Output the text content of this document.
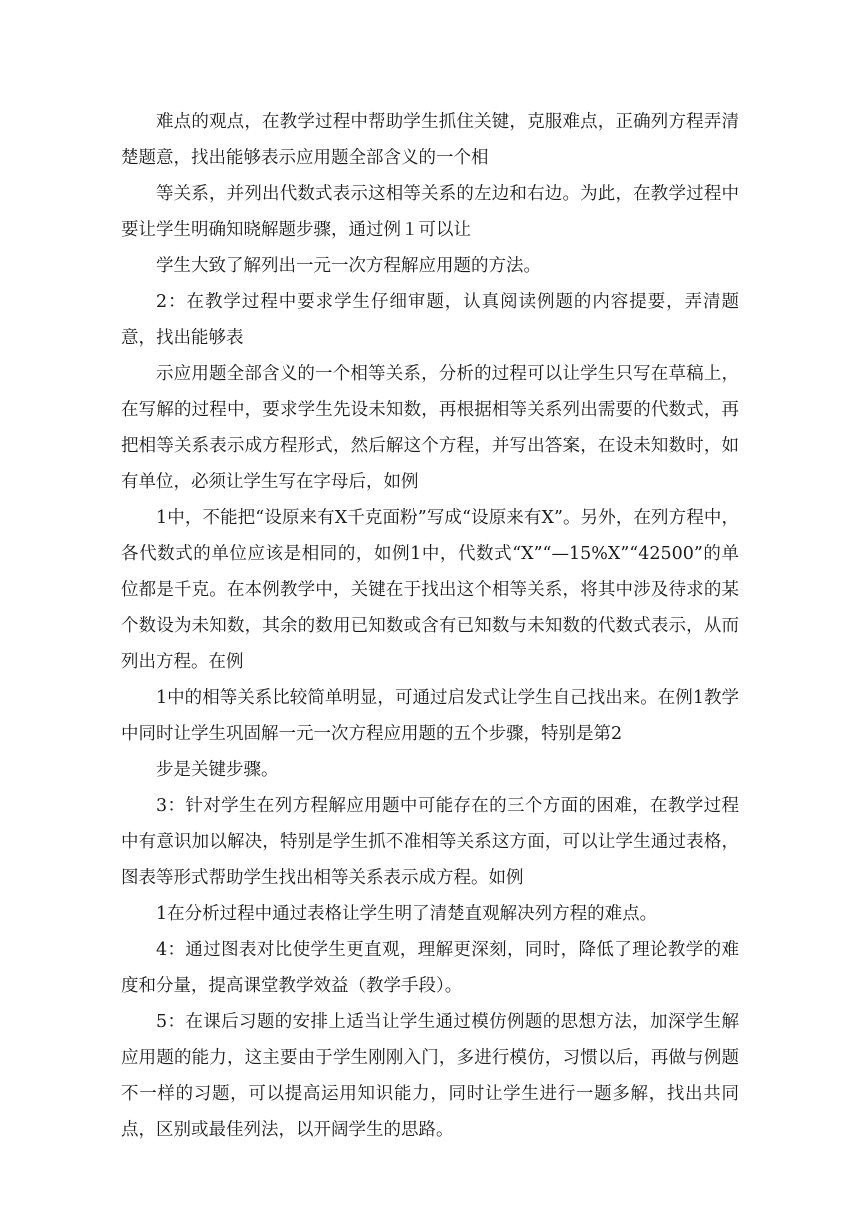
难点的观点，在教学过程中帮助学生抓住关键，克服难点，正确列方程弄清楚题意，找出能够表示应用题全部含义的一个相

等关系，并列出代数式表示这相等关系的左边和右边。为此，在教学过程中要让学生明确知晓解题步骤，通过例１可以让

学生大致了解列出一元一次方程解应用题的方法。

2：在教学过程中要求学生仔细审题，认真阅读例题的内容提要，弄清题意，找出能够表

示应用题全部含义的一个相等关系，分析的过程可以让学生只写在草稿上，在写解的过程中，要求学生先设未知数，再根据相等关系列出需要的代数式，再把相等关系表示成方程形式，然后解这个方程，并写出答案，在设未知数时，如有单位，必须让学生写在字母后，如例

1中，不能把“设原来有X千克面粉”写成“设原来有X”。另外，在列方程中，各代数式的单位应该是相同的，如例1中，代数式“X”“—15%X”“42500”的单位都是千克。在本例教学中，关键在于找出这个相等关系，将其中涉及待求的某个数设为未知数，其余的数用已知数或含有已知数与未知数的代数式表示，从而列出方程。在例

1中的相等关系比较简单明显，可通过启发式让学生自己找出来。在例1教学中同时让学生巩固解一元一次方程应用题的五个步骤，特别是第2

步是关键步骤。

3：针对学生在列方程解应用题中可能存在的三个方面的困难，在教学过程中有意识加以解决，特别是学生抓不准相等关系这方面，可以让学生通过表格，图表等形式帮助学生找出相等关系表示成方程。如例

1在分析过程中通过表格让学生明了清楚直观解决列方程的难点。

4：通过图表对比使学生更直观，理解更深刻，同时，降低了理论教学的难度和分量，提高课堂教学效益（教学手段）。

5：在课后习题的安排上适当让学生通过模仿例题的思想方法，加深学生解应用题的能力，这主要由于学生刚刚入门，多进行模仿，习惯以后，再做与例题不一样的习题，可以提高运用知识能力，同时让学生进行一题多解，找出共同点，区别或最佳列法，以开阔学生的思路。
